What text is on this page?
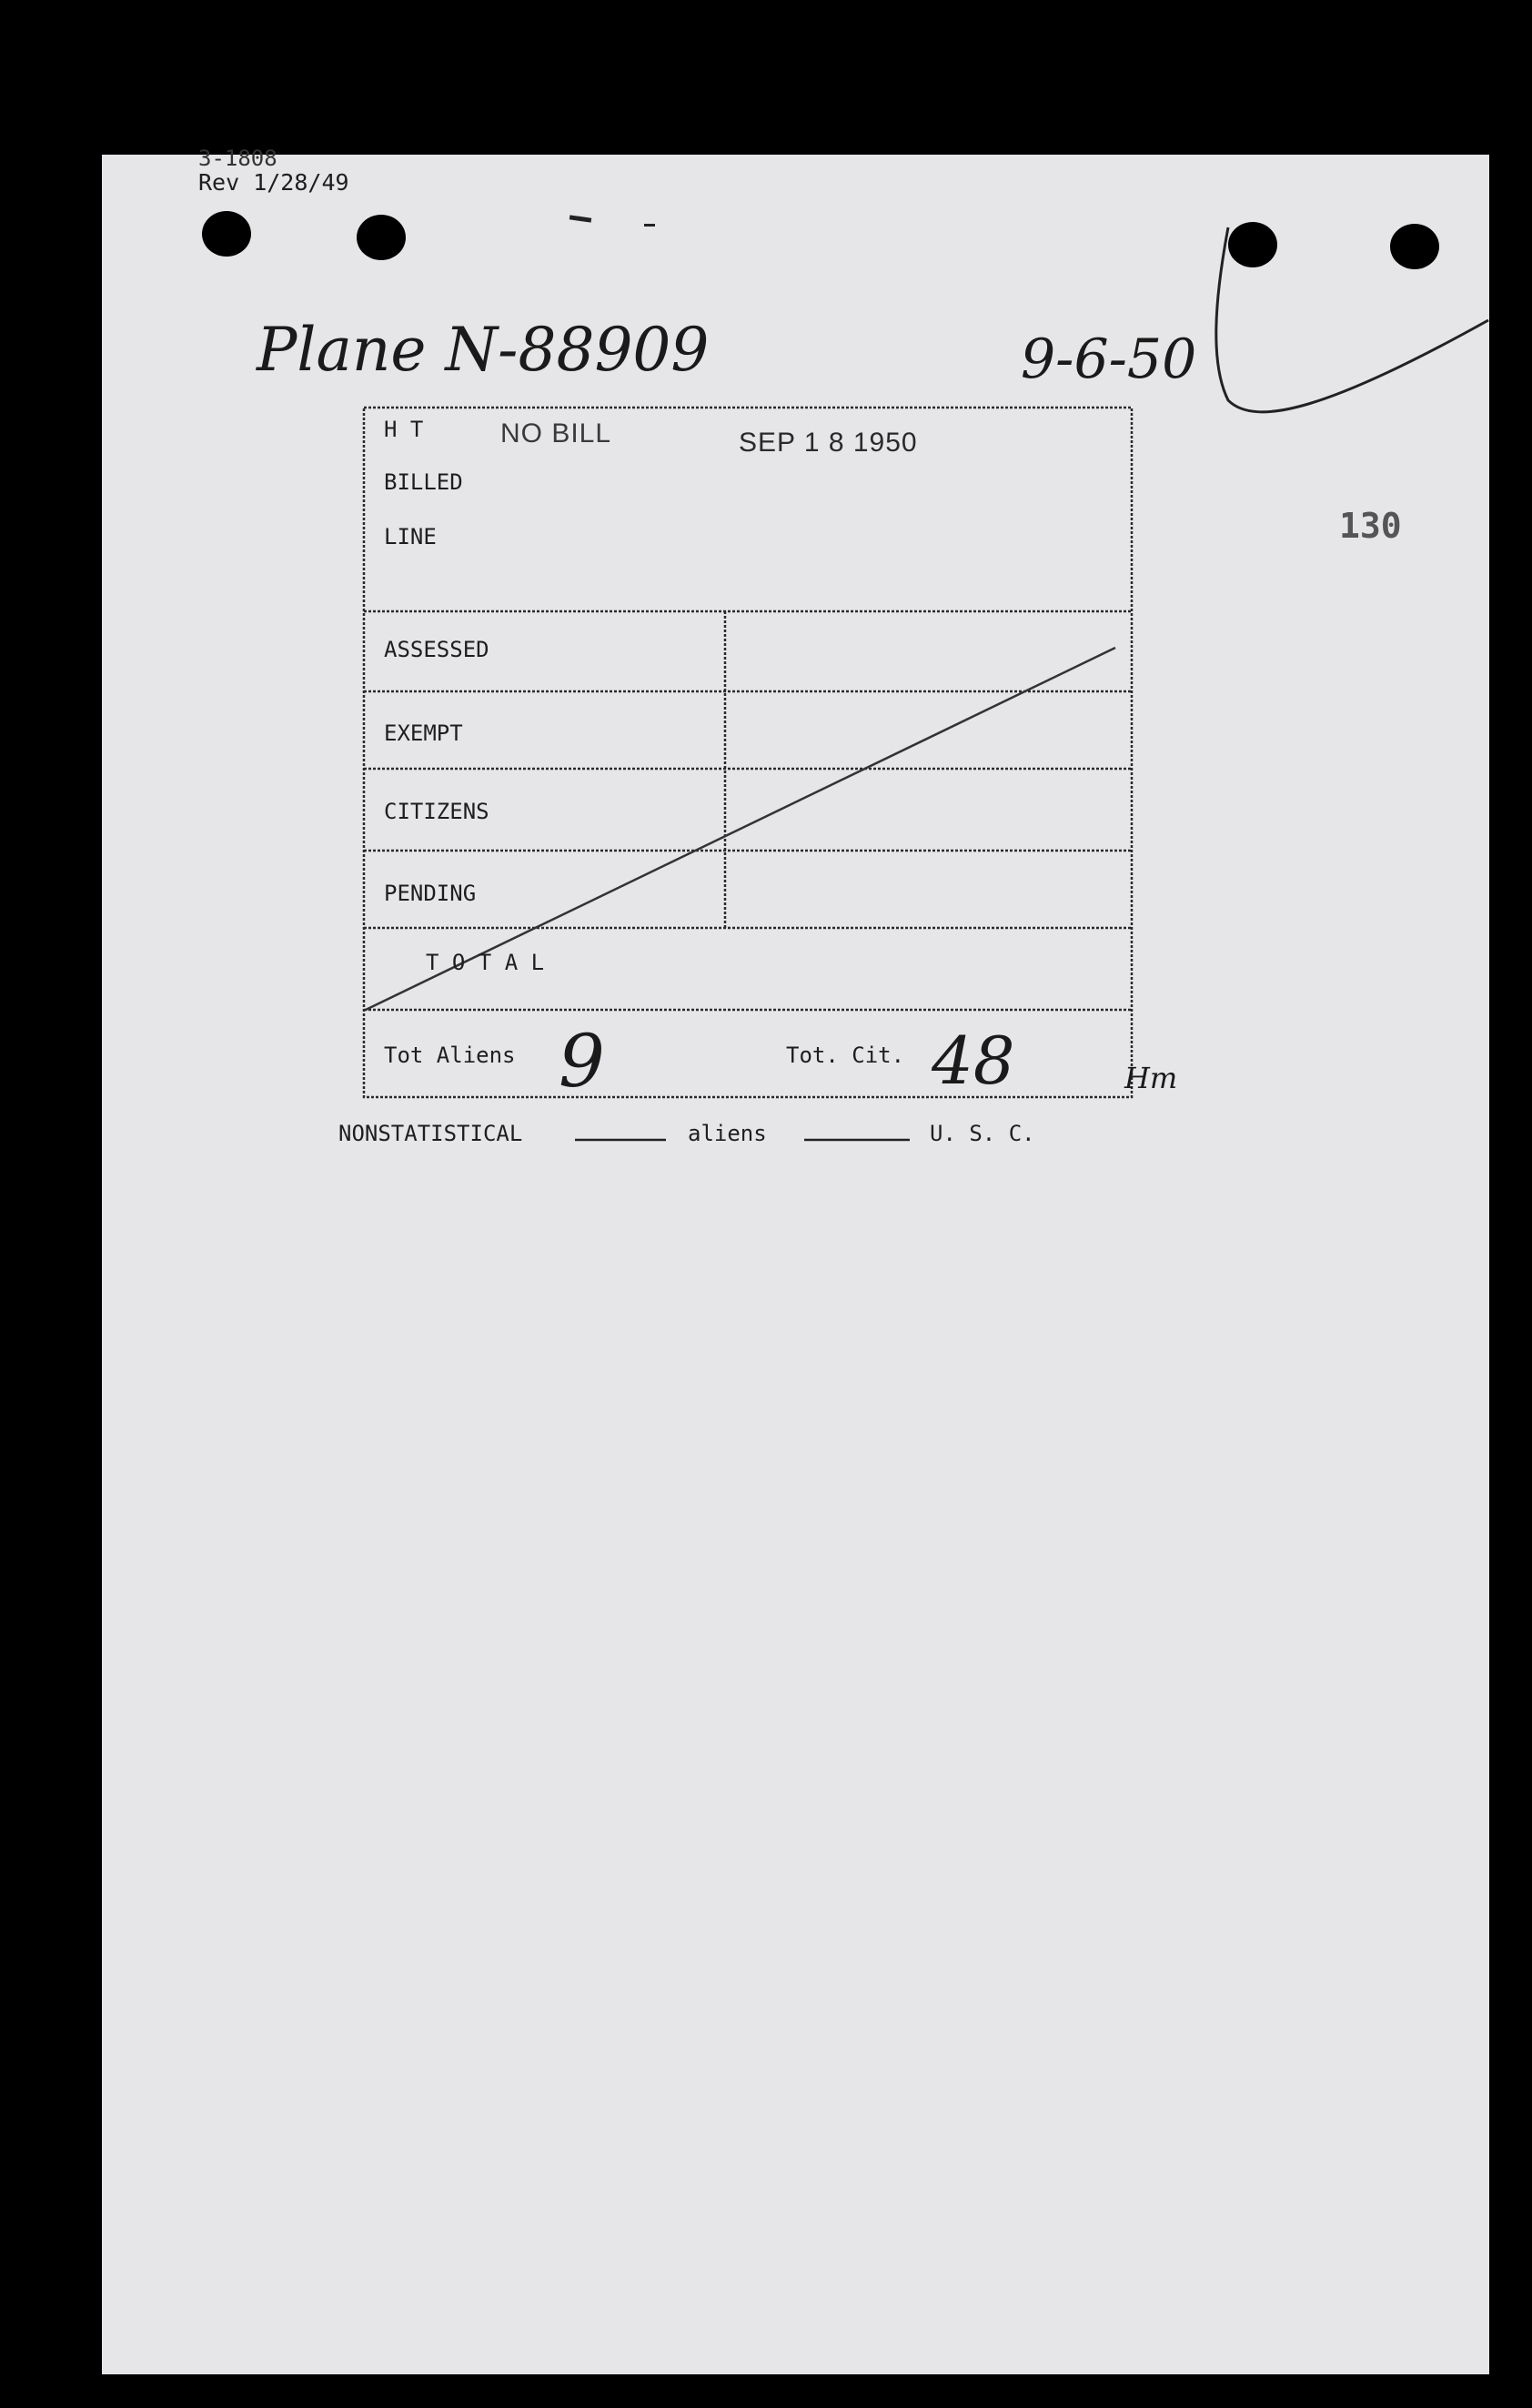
3-1808
Rev 1/28/49
Plane N-88909	9-6-50
130
H T
BILLED
LINE
NO BILL	SEP 1 8 1950
ASSESSED
EXEMPT
CITIZENS
PENDING
T O T A L
Tot Aliens 9	Tot. Cit. 48	Hm
NONSTATISTICAL	aliens	U. S. C.
